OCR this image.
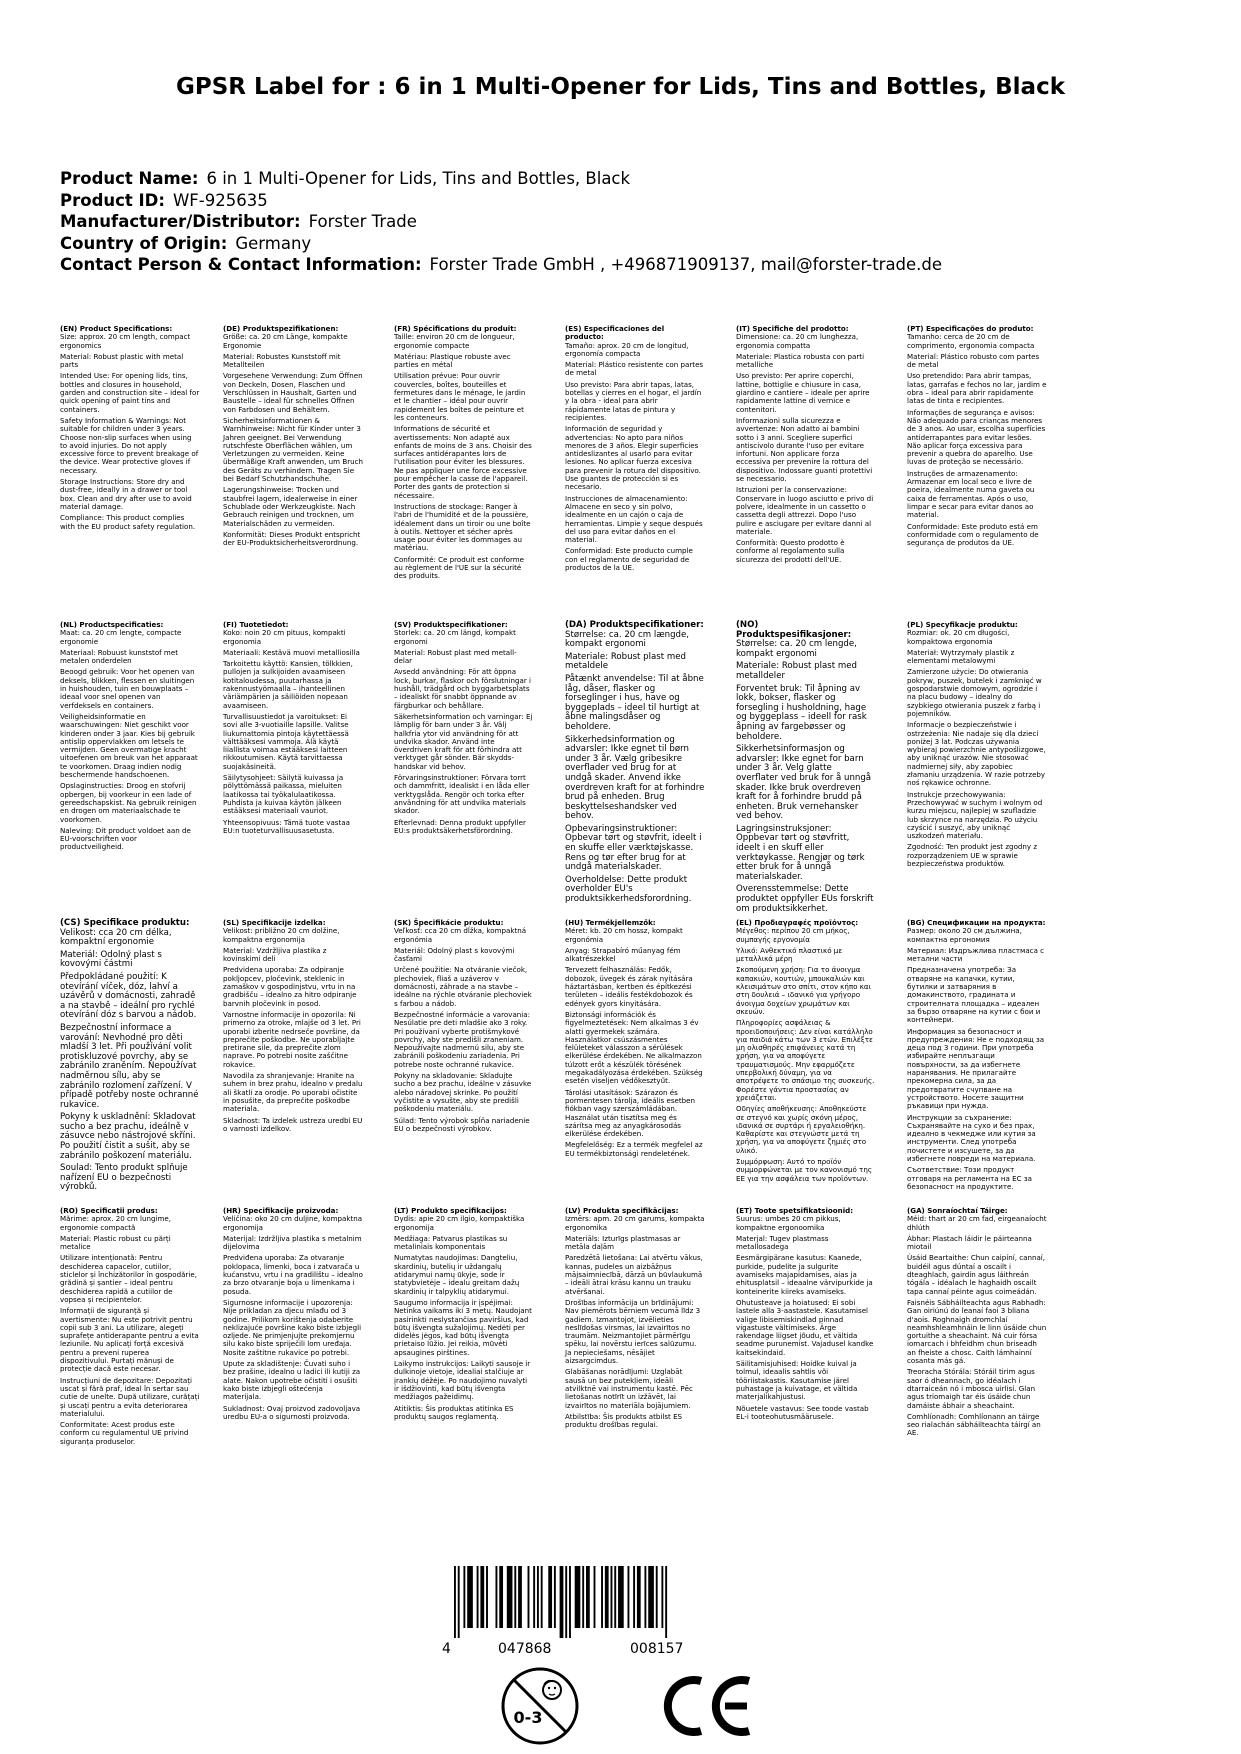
GPSR Label for : 6 in 1 Multi-Opener for Lids, Tins and Bottles, Black
Product Name: 6 in 1 Multi-Opener for Lids, Tins and Bottles, Black
Product ID: WF-925635
Manufacturer/Distributor: Forster Trade
Country of Origin: Germany
Contact Person & Contact Information: Forster Trade GmbH , +496871909137, mail@forster-trade.de
(EN) Product Specifications:

Size: approx. 20 cm length, compact ergonomics

Material: Robust plastic with metal parts

Intended Use: For opening lids, tins, bottles and closures in household, garden and construction site – ideal for quick opening of paint tins and containers.

Safety Information & Warnings: Not suitable for children under 3 years. Choose non-slip surfaces when using to avoid injuries. Do not apply excessive force to prevent breakage of the device. Wear protective gloves if necessary.

Storage Instructions: Store dry and dust-free, ideally in a drawer or tool box. Clean and dry after use to avoid material damage.

Compliance: This product complies with the EU product safety regulation.

(DE) Produktspezifikationen:

Größe: ca. 20 cm Länge, kompakte Ergonomie

Material: Robustes Kunststoff mit Metallteilen

Vorgesehene Verwendung: Zum Öffnen von Deckeln, Dosen, Flaschen und Verschlüssen in Haushalt, Garten und Baustelle – ideal für schnelles Öffnen von Farbdosen und Behältern.

Sicherheitsinformationen & Warnhinweise: Nicht für Kinder unter 3 Jahren geeignet. Bei Verwendung rutschfeste Oberflächen wählen, um Verletzungen zu vermeiden. Keine übermäßige Kraft anwenden, um Bruch des Geräts zu verhindern. Tragen Sie bei Bedarf Schutzhandschuhe.

Lagerungshinweise: Trocken und staubfrei lagern, idealerweise in einer Schublade oder Werkzeugkiste. Nach Gebrauch reinigen und trocknen, um Materialschäden zu vermeiden.

Konformität: Dieses Produkt entspricht der EU-Produktsicherheitsverordnung.

(FR) Spécifications du produit:

Taille: environ 20 cm de longueur, ergonomie compacte

Matériau: Plastique robuste avec parties en métal

Utilisation prévue: Pour ouvrir couvercles, boîtes, bouteilles et fermetures dans le ménage, le jardin et le chantier – idéal pour ouvrir rapidement les boîtes de peinture et les conteneurs.

Informations de sécurité et avertissements: Non adapté aux enfants de moins de 3 ans. Choisir des surfaces antidérapantes lors de l'utilisation pour éviter les blessures. Ne pas appliquer une force excessive pour empêcher la casse de l'appareil. Porter des gants de protection si nécessaire.

Instructions de stockage: Ranger à l'abri de l'humidité et de la poussière, idéalement dans un tiroir ou une boîte à outils. Nettoyer et sécher après usage pour éviter les dommages au matériau.

Conformité: Ce produit est conforme au règlement de l'UE sur la sécurité des produits.

(ES) Especificaciones del producto:

Tamaño: aprox. 20 cm de longitud, ergonomía compacta

Material: Plástico resistente con partes de metal

Uso previsto: Para abrir tapas, latas, botellas y cierres en el hogar, el jardín y la obra - ideal para abrir rápidamente latas de pintura y recipientes.

Información de seguridad y advertencias: No apto para niños menores de 3 años. Elegir superficies antideslizantes al usarlo para evitar lesiones. No aplicar fuerza excesiva para prevenir la rotura del dispositivo. Use guantes de protección si es necesario.

Instrucciones de almacenamiento: Almacene en seco y sin polvo, idealmente en un cajón o caja de herramientas. Limpie y seque después del uso para evitar daños en el material.

Conformidad: Este producto cumple con el reglamento de seguridad de productos de la UE.

(IT) Specifiche del prodotto:

Dimensione: ca. 20 cm lunghezza, ergonomia compatta

Materiale: Plastica robusta con parti metalliche

Uso previsto: Per aprire coperchi, lattine, bottiglie e chiusure in casa, giardino e cantiere – ideale per aprire rapidamente lattine di vernice e contenitori.

Informazioni sulla sicurezza e avvertenze: Non adatto ai bambini sotto i 3 anni. Scegliere superfici antiscivolo durante l'uso per evitare infortuni. Non applicare forza eccessiva per prevenire la rottura del dispositivo. Indossare guanti protettivi se necessario.

Istruzioni per la conservazione: Conservare in luogo asciutto e privo di polvere, idealmente in un cassetto o cassetta degli attrezzi. Dopo l'uso pulire e asciugare per evitare danni al materiale.

Conformità: Questo prodotto è conforme al regolamento sulla sicurezza dei prodotti dell'UE.

(PT) Especificações do produto:

Tamanho: cerca de 20 cm de comprimento, ergonomia compacta

Material: Plástico robusto com partes de metal

Uso pretendido: Para abrir tampas, latas, garrafas e fechos no lar, jardim e obra – ideal para abrir rapidamente latas de tinta e recipientes.

Informações de segurança e avisos: Não adequado para crianças menores de 3 anos. Ao usar, escolha superfícies antiderrapantes para evitar lesões. Não aplicar força excessiva para prevenir a quebra do aparelho. Use luvas de proteção se necessário.

Instruções de armazenamento: Armazenar em local seco e livre de poeira, idealmente numa gaveta ou caixa de ferramentas. Após o uso, limpar e secar para evitar danos ao material.

Conformidade: Este produto está em conformidade com o regulamento de segurança de produtos da UE.

(NL) Productspecificaties:

Maat: ca. 20 cm lengte, compacte ergonomie

Materiaal: Robuust kunststof met metalen onderdelen

Beoogd gebruik: Voor het openen van deksels, blikken, flessen en sluitingen in huishouden, tuin en bouwplaats – ideaal voor snel openen van verfdeksels en containers.

Veiligheidsinformatie en waarschuwingen: Niet geschikt voor kinderen onder 3 jaar. Kies bij gebruik antislip oppervlakken om letsels te vermijden. Geen overmatige kracht uitoefenen om breuk van het apparaat te voorkomen. Draag indien nodig beschermende handschoenen.

Opslaginstructies: Droog en stofvrij opbergen, bij voorkeur in een lade of gereedschapskist. Na gebruik reinigen en drogen om materiaalschade te voorkomen.

Naleving: Dit product voldoet aan de EU-voorschriften voor productveiligheid.

(FI) Tuotetiedot:

Koko: noin 20 cm pituus, kompakti ergonomia

Materiaali: Kestävä muovi metalliosilla

Tarkoitettu käyttö: Kansien, tölkkien, pullojen ja sulkijoiden avaamiseen kotitaloudessa, puutarhassa ja rakennustyömaalla – ihanteellinen väriämpärien ja säiliöiden nopeaan avaamiseen.

Turvallisuustiedot ja varoitukset: Ei sovi alle 3-vuotiaille lapsille. Valitse liukumattomia pintoja käytettäessä välttääksesi vammoja. Älä käytä liiallista voimaa estääksesi laitteen rikkoutumisen. Käytä tarvittaessa suojakäsineitä.

Säilytysohjeet: Säilytä kuivassa ja pölyttömässä paikassa, mieluiten laatikossa tai työkalulaatikossa. Puhdista ja kuivaa käytön jälkeen estääksesi materiaali vauriot.

Yhteensopivuus: Tämä tuote vastaa EU:n tuoteturvallisuusasetusta.

(SV) Produktspecifikationer:

Storlek: ca. 20 cm längd, kompakt ergonomi

Material: Robust plast med metall-delar

Avsedd användning: För att öppna lock, burkar, flaskor och förslutningar i hushåll, trädgård och byggarbetsplats – idealiskt för snabbt öppnande av färgburkar och behållare.

Säkerhetsinformation och varningar: Ej lämplig för barn under 3 år. Välj halkfria ytor vid användning för att undvika skador. Använd inte överdriven kraft för att förhindra att verktyget går sönder. Bär skydds-handskar vid behov.

Förvaringsinstruktioner: Förvara torrt och dammfritt, idealiskt i en låda eller verktygslåda. Rengör och torka efter användning för att undvika materials skador.

Efterlevnad: Denna produkt uppfyller EU:s produktsäkerhetsförordning.

(DA) Produktspecifikationer:

Størrelse: ca. 20 cm længde, kompakt ergonomi

Materiale: Robust plast med metaldele

Påtænkt anvendelse: Til at åbne låg, dåser, flasker og forseglinger i hus, have og byggeplads – ideel til hurtigt at åbne malingsdåser og beholdere.

Sikkerhedsinformation og advarsler: Ikke egnet til børn under 3 år. Vælg gribesikre overflader ved brug for at undgå skader. Anvend ikke overdreven kraft for at forhindre brud på enheden. Brug beskyttelseshandsker ved behov.

Opbevaringsinstruktioner: Opbevar tørt og støvfrit, ideelt i en skuffe eller værktøjskasse. Rens og tør efter brug for at undgå materialskader.

Overholdelse: Dette produkt overholder EU's produktsikkerhedsforordning.

(NO) Produktspesifikasjoner:

Størrelse: ca. 20 cm lengde, kompakt ergonomi

Materiale: Robust plast med metalldeler

Forventet bruk: Til åpning av lokk, bokser, flasker og forsegling i husholdning, hage og byggeplass – ideell for rask åpning av fargebøsser og beholdere.

Sikkerhetsinformasjon og advarsler: Ikke egnet for barn under 3 år. Velg glatte overflater ved bruk for å unngå skader. Ikke bruk overdreven kraft for å forhindre brudd på enheten. Bruk vernehansker ved behov.

Lagringsinstruksjoner: Oppbevar tørt og støvfritt, ideelt i en skuff eller verktøykasse. Rengjør og tørk etter bruk for å unngå materialskader.

Overensstemmelse: Dette produktet oppfyller EUs forskrift om produktsikkerhet.

(PL) Specyfikacje produktu:

Rozmiar: ok. 20 cm długości, kompaktowa ergonomia

Materiał: Wytrzymały plastik z elementami metalowymi

Zamierzone użycie: Do otwierania pokryw, puszek, butelek i zamknięć w gospodarstwie domowym, ogrodzie i na placu budowy – idealny do szybkiego otwierania puszek z farbą i pojemników.

Informacje o bezpieczeństwie i ostrzeżenia: Nie nadaje się dla dzieci poniżej 3 lat. Podczas używania wybieraj powierzchnie antypoślizgowe, aby uniknąć urazów. Nie stosować nadmiernej siły, aby zapobiec złamaniu urządzenia. W razie potrzeby noś rękawice ochronne.

Instrukcje przechowywania: Przechowywać w suchym i wolnym od kurzu miejscu, najlepiej w szufladzie lub skrzynce na narzędzia. Po użyciu czyścić i suszyć, aby uniknąć uszkodzeń materiału.

Zgodność: Ten produkt jest zgodny z rozporządzeniem UE w sprawie bezpieczeństwa produktów.

(CS) Specifikace produktu:

Velikost: cca 20 cm délka, kompaktní ergonomie

Materiál: Odolný plast s kovovými částmi

Předpokládané použití: K otevírání víček, dóz, lahví a uzávěrů v domácnosti, zahradě a na stavbě – ideální pro rychlé otevírání dóz s barvou a nádob.

Bezpečnostní informace a varování: Nevhodné pro děti mladší 3 let. Při používání volit protiskluzové povrchy, aby se zabránilo zraněním. Nepoužívat nadměrnou sílu, aby se zabránilo rozlomení zařízení. V případě potřeby noste ochranné rukavice.

Pokyny k uskladnění: Skladovat sucho a bez prachu, ideálně v zásuvce nebo nástrojové skříni. Po použití čistit a sušit, aby se zabránilo poškození materiálu.

Soulad: Tento produkt splňuje nařízení EU o bezpečnosti výrobků.

(SL) Specifikacije izdelka:

Velikost: približno 20 cm dolžine, kompaktna ergonomija

Material: Vzdržljiva plastika z kovinskimi deli

Predvidena uporaba: Za odpiranje pokljopcev, pločevink, steklenic in zamaškov v gospodinjstvu, vrtu in na gradbišču – idealno za hitro odpiranje barvnih pločevink in posod.

Varnostne informacije in opozorila: Ni primerno za otroke, mlajše od 3 let. Pri uporabi izberite nedrseče površine, da preprečite poškodbe. Ne uporabljajte pretirane sile, da preprečite zlom naprave. Po potrebi nosite zaščitne rokavice.

Navodila za shranjevanje: Hranite na suhem in brez prahu, idealno v predalu ali škatli za orodje. Po uporabi očistite in posušite, da preprečite poškodbe materiala.

Skladnost: Ta izdelek ustreza uredbi EU o varnosti izdelkov.

(SK) Špecifikácie produktu:

Veľkosť: cca 20 cm dĺžka, kompaktná ergonómia

Materiál: Odolný plast s kovovými časťami

Určené použitie: Na otváranie viečok, plechoviek, fliaš a uzáverov v domácnosti, záhrade a na stavbe – ideálne na rýchle otváranie plechoviek s farbou a nádob.

Bezpečnostné informácie a varovania: Nesúlatie pre deti mladšie ako 3 roky. Pri používaní vyberte protišmykové povrchy, aby ste predišli zraneniam. Nepoužívajte nadmernú silu, aby ste zabránili poškodeniu zariadenia. Pri potrebe noste ochranné rukavice.

Pokyny na skladovanie: Skladujte sucho a bez prachu, ideálne v zásuvke alebo náradovej skrinke. Po použití vyčistite a vysušte, aby ste predišli poškodeniu materiálu.

Súlad: Tento výrobok spĺňa nariadenie EU o bezpečnosti výrobkov.

(HU) Termékjellemzők:

Méret: kb. 20 cm hossz, kompakt ergonómia

Anyag: Strapabíró műanyag fém alkatrészekkel

Tervezett felhasználás: Fedők, dobozok, üvegek és zárak nyitására háztartásban, kertben és építkezési területen – ideális festékdobozok és edények gyors kinyitására.

Biztonsági információk és figyelmeztetések: Nem alkalmas 3 év alatti gyermekek számára. Használatkor csúszásmentes felületeket válasszon a sérülések elkerülése érdekében. Ne alkalmazzon túlzott erőt a készülék törésének megakadályozása érdekében. Szükség esetén viseljen védőkesztyűt.

Tárolási utasítások: Szárazon és pormentesen tárolja, ideális esetben fiókban vagy szerszámládában. Használat után tisztítsa meg és szárítsa meg az anyagkárosodás elkerülése érdekében.

Megfelelőség: Ez a termék megfelel az EU termékbiztonsági rendeletének.

(EL) Προδιαγραφές προϊόντος:

Μέγεθος: περίπου 20 cm μήκος, συμπαγής εργονομία

Υλικό: Ανθεκτικό πλαστικό με μεταλλικά μέρη

Σκοπούμενη χρήση: Για το άνοιγμα καπακιών, κουτιών, μπουκαλιών και κλεισιμάτων στο σπίτι, στον κήπο και στη δουλειά – ιδανικό για γρήγορο άνοιγμα δοχείων χρωμάτων και σκευών.

Πληροφορίες ασφάλειας & προειδοποιήσεις: Δεν είναι κατάλληλο για παιδιά κάτω των 3 ετών. Επιλέξτε μη ολισθηρές επιφάνειες κατά τη χρήση, για να αποφύγετε τραυματισμούς. Μην εφαρμόζετε υπερβολική δύναμη, για να αποτρέψετε το σπάσιμο της συσκευής. Φορέστε γάντια προστασίας αν χρειάζεται.

Οδηγίες αποθήκευσης: Αποθηκεύστε σε στεγνό και χωρίς σκόνη μέρος, ιδανικά σε συρτάρι ή εργαλειοθήκη. Καθαρίστε και στεγνώστε μετά τη χρήση, για να αποφύγετε ζημιές στο υλικό.

Συμμόρφωση: Αυτό το προϊόν συμμορφώνεται με τον κανονισμό της ΕΕ για την ασφάλεια των προϊόντων.

(BG) Спецификации на продукта:

Размер: около 20 см дължина, компактна ергономия

Материал: Издръжлива пластмаса с метални части

Предназначена употреба: За отваряне на капачки, кутии, бутилки и затваряния в домакинството, градината и строителната площадка – идеален за бързо отваряне на кутии с бои и контейнери.

Информация за безопасност и предупреждения: Не е подходящ за деца под 3 години. При употреба избирайте неплъзгащи повърхности, за да избегнете наранявания. Не прилагайте прекомерна сила, за да предотвратите счупване на устройството. Носете защитни ръкавици при нужда.

Инструкции за съхранение: Съхранявайте на сухо и без прах, идеално в чекмедже или кутия за инструменти. След употреба почистете и изсушете, за да избегнете повреди на материала.

Съответствие: Този продукт отговаря на регламента на ЕС за безопасност на продуктите.

(RO) Specificații produs:

Mărime: aprox. 20 cm lungime, ergonomie compactă

Material: Plastic robust cu părți metalice

Utilizare intenționată: Pentru deschiderea capacelor, cutiilor, sticlelor și închizătorilor în gospodărie, grădină și șantier – ideal pentru deschiderea rapidă a cutiilor de vopsea și recipientelor.

Informații de siguranță și avertismente: Nu este potrivit pentru copii sub 3 ani. La utilizare, alegeți suprafețe antiderapante pentru a evita leziunile. Nu aplicați forță excesivă pentru a preveni ruperea dispozitivului. Purtați mănuși de protecție dacă este necesar.

Instrucțiuni de depozitare: Depozitați uscat și fără praf, ideal în sertar sau cutie de unelte. După utilizare, curățați și uscați pentru a evita deteriorarea materialului.

Conformitate: Acest produs este conform cu regulamentul UE privind siguranța produselor.

(HR) Specifikacije proizvoda:

Veličina: oko 20 cm duljine, kompaktna ergonomija

Materijal: Izdržljiva plastika s metalnim dijelovima

Predviđena uporaba: Za otvaranje poklopaca, limenki, boca i zatvarača u kućanstvu, vrtu i na gradilištu – idealno za brzo otvaranje boja u limenkama i posuda.

Sigurnosne informacije i upozorenja: Nije prikladan za djecu mlađu od 3 godine. Prilikom korištenja odaberite neklizajuće površine kako biste izbjegli ozljede. Ne primjenjujte prekomjernu silu kako biste spriječili lom uređaja. Nosite zaštitne rukavice po potrebi.

Upute za skladištenje: Čuvati suho i bez prašine, idealno u ladici ili kutiji za alate. Nakon upotrebe očistiti i osušiti kako biste izbjegli oštećenja materijala.

Sukladnost: Ovaj proizvod zadovoljava uredbu EU-a o sigurnosti proizvoda.

(LT) Produkto specifikacijos:

Dydis: apie 20 cm ilgio, kompaktiška ergonomija

Medžiaga: Patvarus plastikas su metaliniais komponentais

Numatytas naudojimas: Dangteliu, skardinių, butelių ir uždangalų atidarymui namų ūkyje, sode ir statybvietėje – idealu greitam dažų skardinių ir talpyklių atidarymui.

Saugumo informacija ir įspėjimai: Netinka vaikams iki 3 metų. Naudojant pasirinkti neslystančias paviršius, kad būtų išvengta sužalojimų. Nedėti per didelės jėgos, kad būtų išvengta prietaiso lūžio. Jei reikia, mūvėti apsaugines pirštines.

Laikymo instrukcijos: Laikyti sausoje ir dulkinoje vietoje, idealiai stalčiuje ar įrankių dėžėje. Po naudojimo nuvalyti ir išdžiovinti, kad būtų išvengta medžiagos pažeidimų.

Atitiktis: Šis produktas atitinka ES produktų saugos reglamentą.

(LV) Produkta specifikācijas:

Izmērs: apm. 20 cm garums, kompakta ergonomika

Materiāls: Izturīgs plastmasas ar metāla daļām

Paredzētā lietošana: Lai atvērtu vākus, kannas, pudeles un aizbāžņus mājsaimniecībā, dārzā un būvlaukumā – ideāli ātrai krāsu kannu un trauku atvēršanai.

Drošības informācija un brīdinājumi: Nav piemērots bērniem vecumā līdz 3 gadiem. Izmantojot, izvēlieties neslīdošas virsmas, lai izvairītos no traumām. Neizmantojiet pārmērīgu spēku, lai novērstu ierīces salūzumu. Ja nepieciešams, nēsājiet aizsargcimdus.

Glabāšanas norādījumi: Uzglabāt sausā un bez putekļiem, ideāli atvilktnē vai instrumentu kastē. Pēc lietošanas notīrīt un izžāvēt, lai izvairītos no materiāla bojājumiem.

Atbilstība: Šis produkts atbilst ES produktu drošības regulai.

(ET) Toote spetsifikatsioonid:

Suurus: umbes 20 cm pikkus, kompaktne ergonoomika

Materjal: Tugev plastmass metallosadega

Eesmärgipärane kasutus: Kaanede, purkide, pudelite ja sulgurite avamiseks majapidamises, aias ja ehitusplatsil – ideaalne värvipurkide ja konteinerite kiireks avamiseks.

Ohutusteave ja hoiatused: Ei sobi lastele alla 3-aastastele. Kasutamisel valige libisemiskindlad pinnad vigastuste vältimiseks. Ärge rakendage liigset jõudu, et vältida seadme purunemist. Vajadusel kandke kaitsekindaid.

Säilitamisjuhised: Hoidke kuival ja tolmul, ideaalis sahtlis või tööriistakastis. Kasutamise järel puhastage ja kuivatage, et vältida materjalikahjustusi.

Nõuetele vastavus: See toode vastab EL-i tooteohutusmäärusele.

(GA) Sonraíochtaí Táirge:

Méid: thart ar 20 cm fad, eirgeanaíocht dhlúth

Ábhar: Plastach láidir le páirteanna miotail

Úsáid Beartaithe: Chun caipíní, cannaí, buidéil agus dúntaí a oscailt i dteaghlach, gairdín agus láithreán tógála – idéalach le haghaidh oscailt tapa cannaí péinte agus coimeádán.

Faisnéis Sábháilteachta agus Rabhadh: Gan oiriúnú do leanaí faoi 3 bliana d'aois. Roghnaigh dromchlaí neamhshleamhnáin le linn úsáide chun gortuithe a sheachaint. Ná cuir fórsa iomarcach i bhfeidhm chun briseadh an fheiste a chosc. Caith lámhainní cosanta más gá.

Treoracha Stórála: Stóráil tirim agus saor ó dheannach, go idéalach i dtarraiceán nó i mbosca uirlisí. Glan agus triomaigh tar éis úsáide chun damáiste ábhair a sheachaint.

Comhlíonadh: Comhlíonann an táirge seo rialachán sábháilteachta táirgí an AE.

4	047868	008157
0-3
